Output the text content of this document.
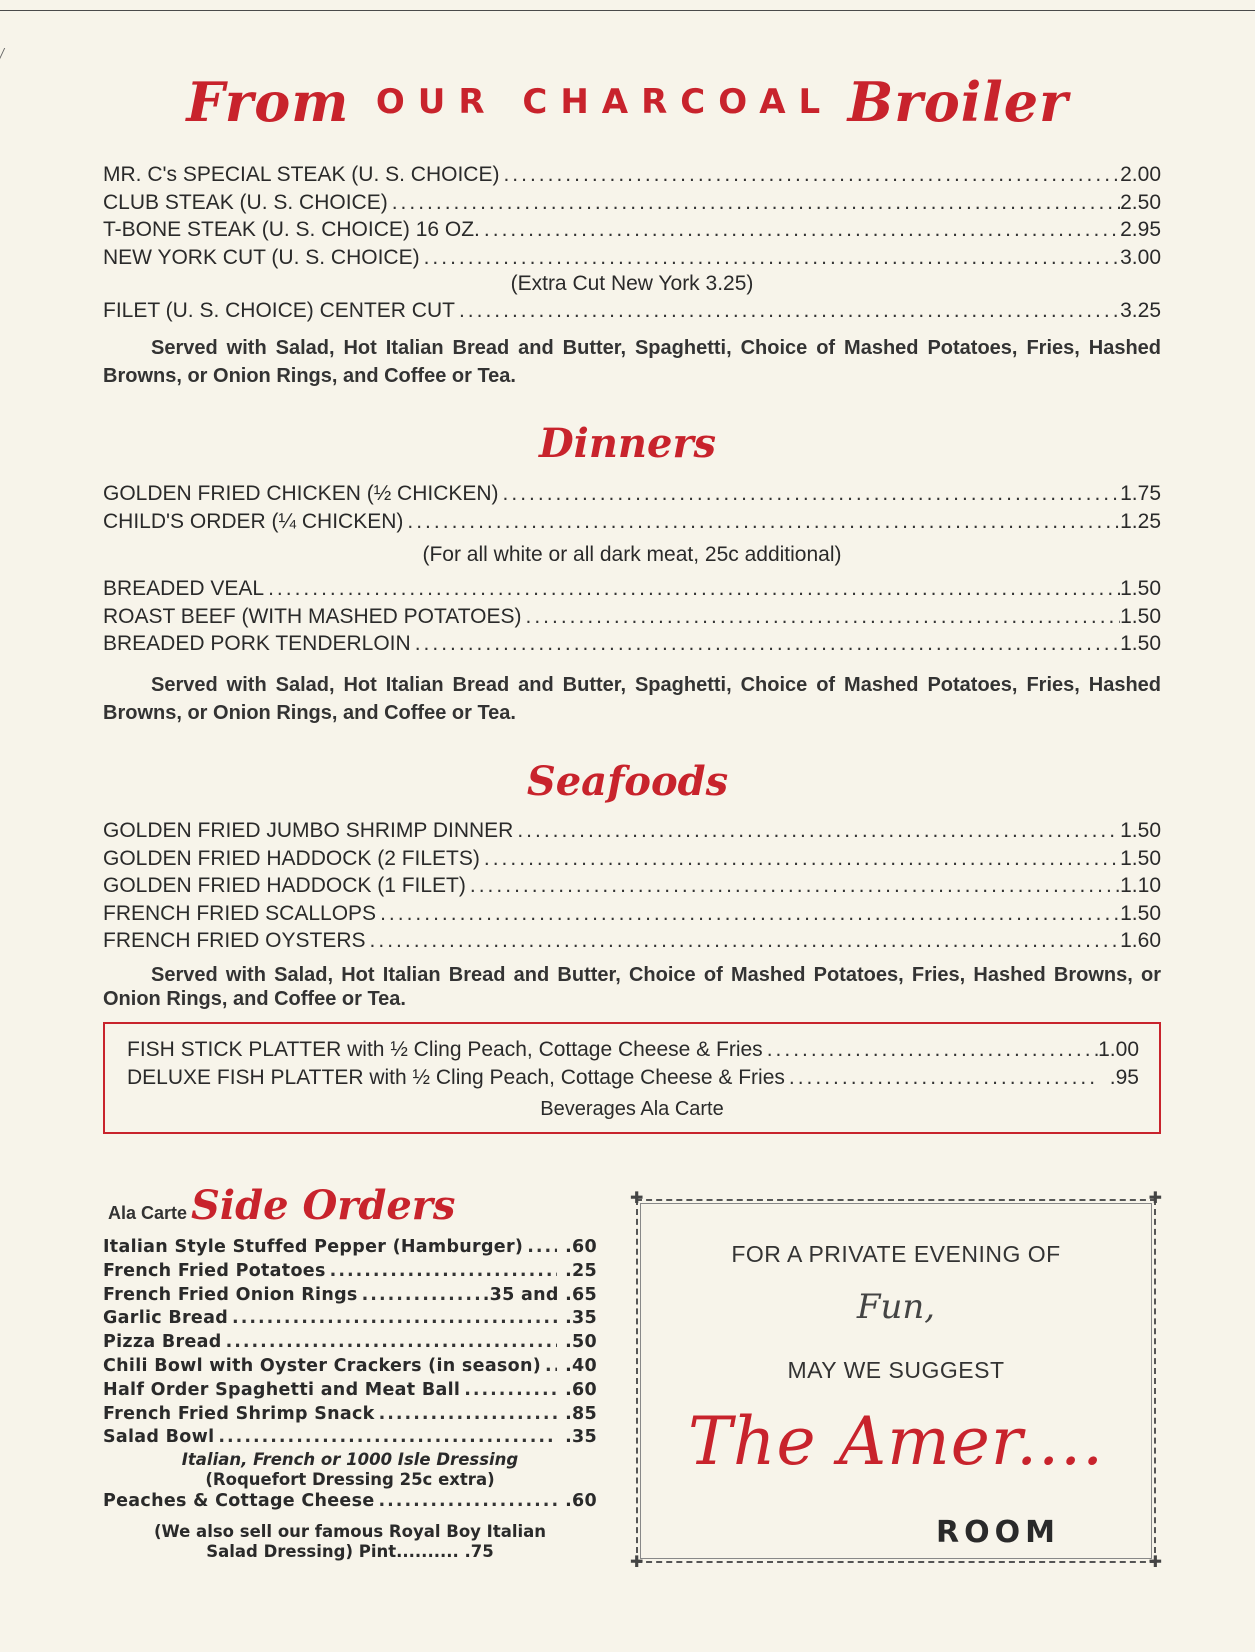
From OUR CHARCOAL Broiler
MR. C's SPECIAL STEAK (U. S. CHOICE) .....	2.00
CLUB STEAK (U. S. CHOICE) .....	2.50
T-BONE STEAK (U. S. CHOICE) 16 OZ. .....	2.95
NEW YORK CUT (U. S. CHOICE) .....	3.00
(Extra Cut New York 3.25)
FILET (U. S. CHOICE) CENTER CUT .....	3.25
Served with Salad, Hot Italian Bread and Butter, Spaghetti, Choice of Mashed Potatoes, Fries, Hashed Browns, or Onion Rings, and Coffee or Tea.
Dinners
GOLDEN FRIED CHICKEN (½ CHICKEN) .....	1.75
CHILD'S ORDER (¼ CHICKEN) .....	1.25
(For all white or all dark meat, 25c additional)
BREADED VEAL .....	1.50
ROAST BEEF (WITH MASHED POTATOES) .....	1.50
BREADED PORK TENDERLOIN .....	1.50
Served with Salad, Hot Italian Bread and Butter, Spaghetti, Choice of Mashed Potatoes, Fries, Hashed Browns, or Onion Rings, and Coffee or Tea.
Seafoods
GOLDEN FRIED JUMBO SHRIMP DINNER .....	1.50
GOLDEN FRIED HADDOCK (2 FILETS) .....	1.50
GOLDEN FRIED HADDOCK (1 FILET) .....	1.10
FRENCH FRIED SCALLOPS .....	1.50
FRENCH FRIED OYSTERS .....	1.60
Served with Salad, Hot Italian Bread and Butter, Choice of Mashed Potatoes, Fries, Hashed Browns, or Onion Rings, and Coffee or Tea.
FISH STICK PLATTER with ½ Cling Peach, Cottage Cheese & Fries .....	1.00
DELUXE FISH PLATTER with ½ Cling Peach, Cottage Cheese & Fries .....	.95
Beverages Ala Carte
Ala Carte Side Orders
Italian Style Stuffed Pepper (Hamburger) .....	.60
French Fried Potatoes .....	.25
French Fried Onion Rings .....	.35 and .65
Garlic Bread .....	.35
Pizza Bread .....	.50
Chili Bowl with Oyster Crackers (in season) .....	.40
Half Order Spaghetti and Meat Ball .....	.60
French Fried Shrimp Snack .....	.85
Salad Bowl .....	.35
Italian, French or 1000 Isle Dressing
(Roquefort Dressing 25c extra)
Peaches & Cottage Cheese .....	.60
(We also sell our famous Royal Boy Italian
Salad Dressing) Pint.......... .75
✚	✚
✚	✚
FOR A PRIVATE EVENING OF
Fun,
MAY WE SUGGEST
The Amer....
ROOM
